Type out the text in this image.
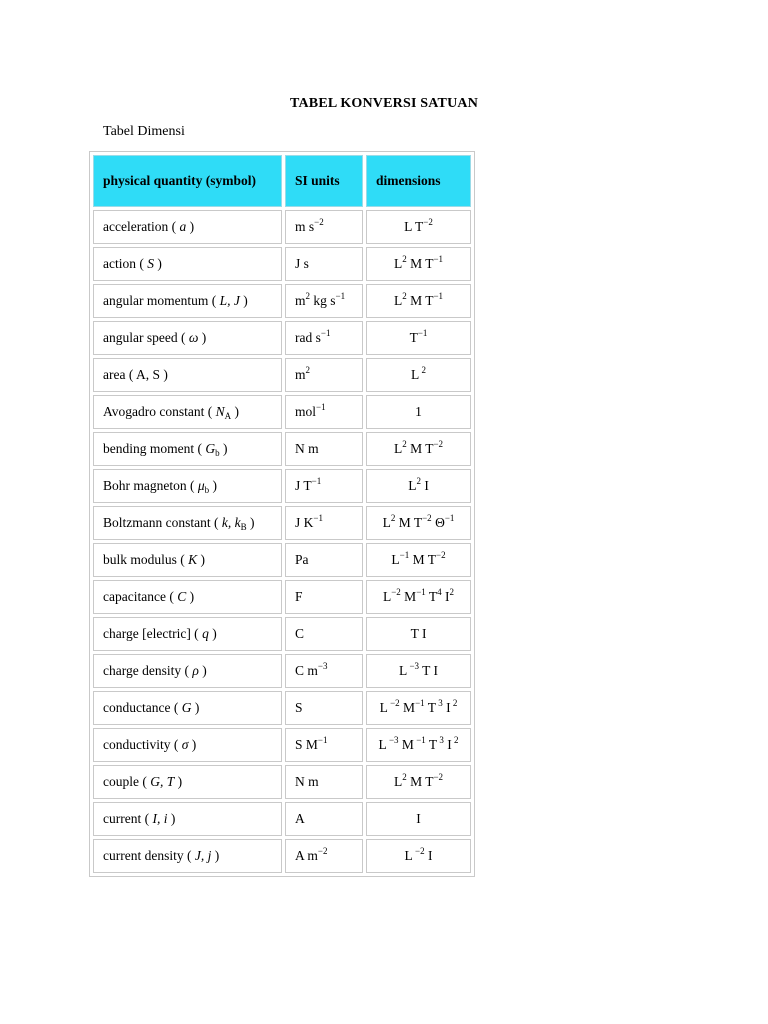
TABEL KONVERSI SATUAN
Tabel Dimensi
physical quantity (symbol)	SI units	dimensions
acceleration ( a )	m $s^{-2}$	L $T^{-2}$
action ( S )	J s	$L^2$ M $T^{-1}$
angular momentum ( L, J )	$m^2$ kg $s^{-1}$	$L^2$ M $T^{-1}$
angular speed ( ω )	rad $s^{-1}$	$T^{-1}$
area ( A, S )	$m^2$	L $^2$
Avogadro constant ( $N_A$ )	mol$^{-1}$	1
bending moment ( $G_b$ )	N m	$L^2$ M $T^{-2}$
Bohr magneton ( $\mu_b$ )	J $T^{-1}$	$L^2$ I
Boltzmann constant ( k, $k_B$ )	J $K^{-1}$	$L^2$ M $T^{-2}$ $\Theta^{-1}$
bulk modulus ( K )	Pa	$L^{-1}$ M $T^{-2}$
capacitance ( C )	F	$L^{-2}$ $M^{-1}$ $T^4$ $I^2$
charge [electric] ( q )	C	T I
charge density ( ρ )	C $m^{-3}$	L $^{-3}$ T I
conductance ( G )	S	L $^{-2}$ $M^{-1}$ T $^3$ I $^2$
conductivity ( σ )	S $M^{-1}$	L $^{-3}$ M $^{-1}$ T $^3$ I $^2$
couple ( G, T )	N m	$L^2$ M $T^{-2}$
current ( I, i )	A	I
current density ( J, j )	A $m^{-2}$	L $^{-2}$ I
